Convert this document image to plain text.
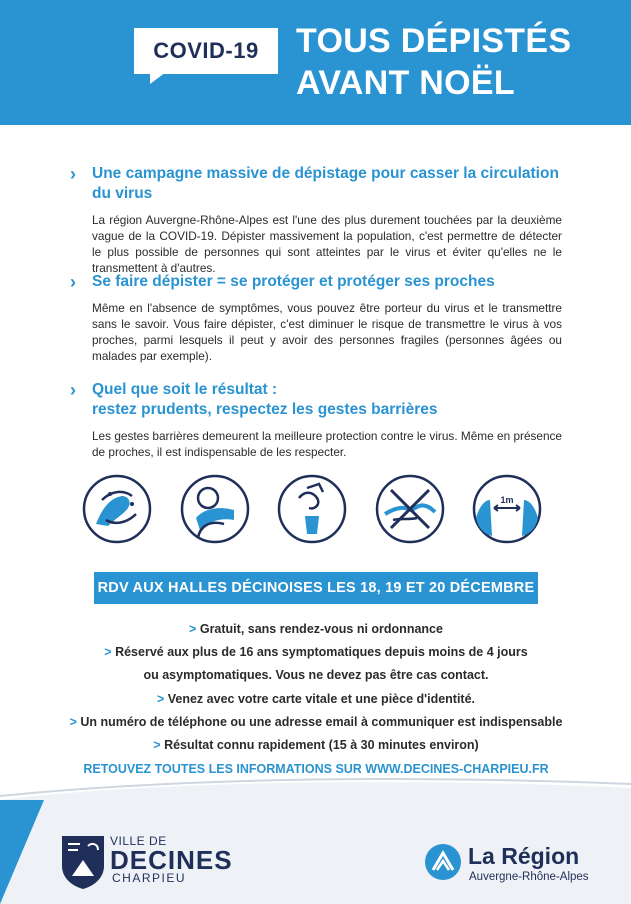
COVID-19	TOUS DÉPISTÉS
AVANT NOËL
› Une campagne massive de dépistage pour casser la circulation du virus
La région Auvergne-Rhône-Alpes est l'une des plus durement touchées par la deuxième vague de la COVID-19. Dépister massivement la population, c'est permettre de détecter le plus possible de personnes qui sont atteintes par le virus et éviter qu'elles ne le transmettent à d'autres.
› Se faire dépister = se protéger et protéger ses proches
Même en l'absence de symptômes, vous pouvez être porteur du virus et le transmettre sans le savoir. Vous faire dépister, c'est diminuer le risque de transmettre le virus à vos proches, parmi lesquels il peut y avoir des personnes fragiles (personnes âgées ou malades par exemple).
› Quel que soit le résultat :
restez prudents, respectez les gestes barrières
Les gestes barrières demeurent la meilleure protection contre le virus. Même en présence de proches, il est indispensable de les respecter.
1m
RDV AUX HALLES DÉCINOISES LES 18, 19 ET 20 DÉCEMBRE
> Gratuit, sans rendez-vous ni ordonnance
> Réservé aux plus de 16 ans symptomatiques depuis moins de 4 jours
ou asymptomatiques. Vous ne devez pas être cas contact.
> Venez avec votre carte vitale et une pièce d'identité.
> Un numéro de téléphone ou une adresse email à communiquer est indispensable
> Résultat connu rapidement (15 à 30 minutes environ)
RETOUVEZ TOUTES LES INFORMATIONS SUR WWW.DECINES-CHARPIEU.FR
VILLE DE
DECINES
CHARPIEU
La Région
Auvergne-Rhône-Alpes
